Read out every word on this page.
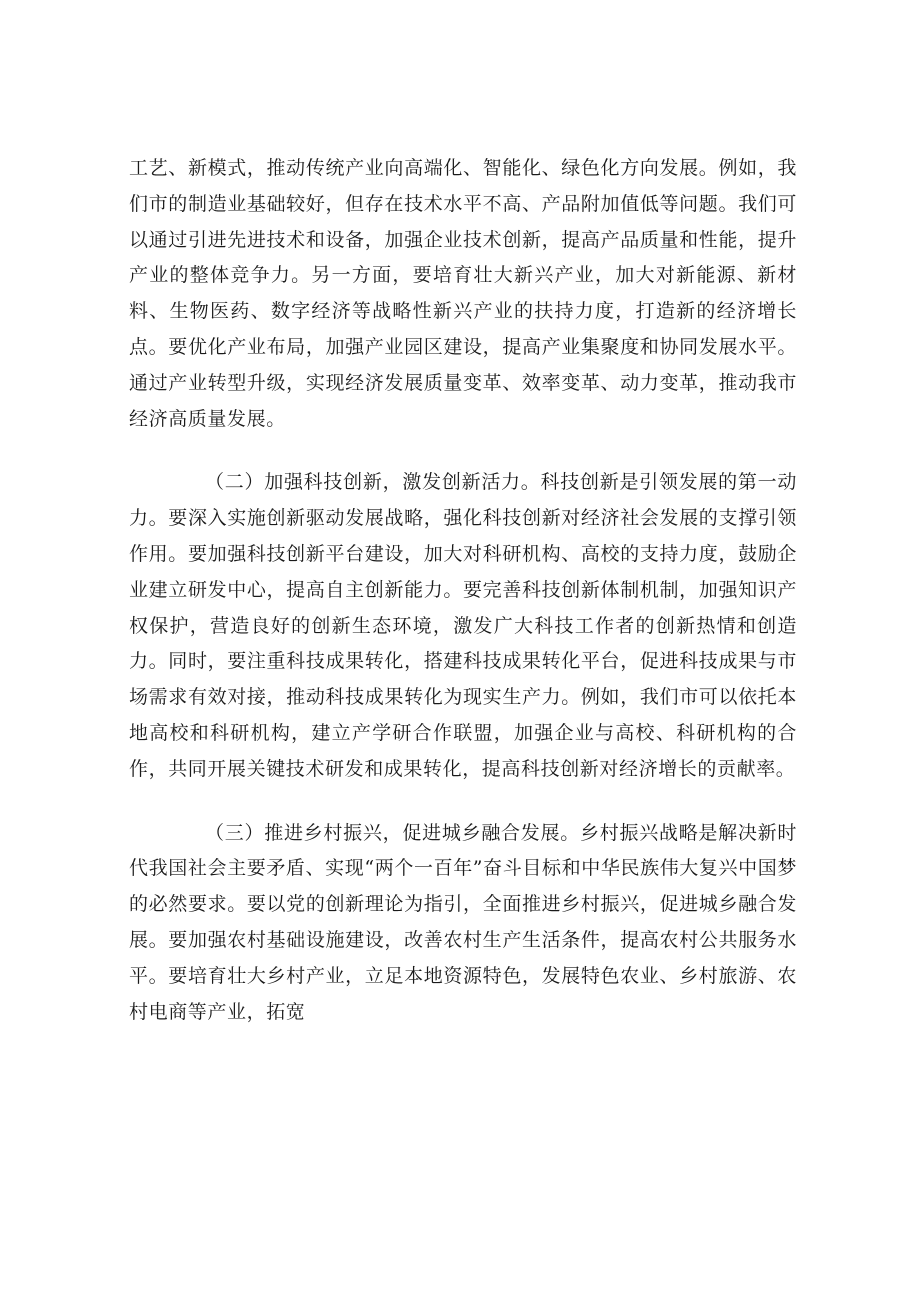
工艺、新模式，推动传统产业向高端化、智能化、绿色化方向发展。例如，我们市的制造业基础较好，但存在技术水平不高、产品附加值低等问题。我们可以通过引进先进技术和设备，加强企业技术创新，提高产品质量和性能，提升产业的整体竞争力。另一方面，要培育壮大新兴产业，加大对新能源、新材料、生物医药、数字经济等战略性新兴产业的扶持力度，打造新的经济增长点。要优化产业布局，加强产业园区建设，提高产业集聚度和协同发展水平。通过产业转型升级，实现经济发展质量变革、效率变革、动力变革，推动我市经济高质量发展。

（二）加强科技创新，激发创新活力。科技创新是引领发展的第一动力。要深入实施创新驱动发展战略，强化科技创新对经济社会发展的支撑引领作用。要加强科技创新平台建设，加大对科研机构、高校的支持力度，鼓励企业建立研发中心，提高自主创新能力。要完善科技创新体制机制，加强知识产权保护，营造良好的创新生态环境，激发广大科技工作者的创新热情和创造力。同时，要注重科技成果转化，搭建科技成果转化平台，促进科技成果与市场需求有效对接，推动科技成果转化为现实生产力。例如，我们市可以依托本地高校和科研机构，建立产学研合作联盟，加强企业与高校、科研机构的合作，共同开展关键技术研发和成果转化，提高科技创新对经济增长的贡献率。

（三）推进乡村振兴，促进城乡融合发展。乡村振兴战略是解决新时代我国社会主要矛盾、实现“两个一百年”奋斗目标和中华民族伟大复兴中国梦的必然要求。要以党的创新理论为指引，全面推进乡村振兴，促进城乡融合发展。要加强农村基础设施建设，改善农村生产生活条件，提高农村公共服务水平。要培育壮大乡村产业，立足本地资源特色，发展特色农业、乡村旅游、农村电商等产业，拓宽
